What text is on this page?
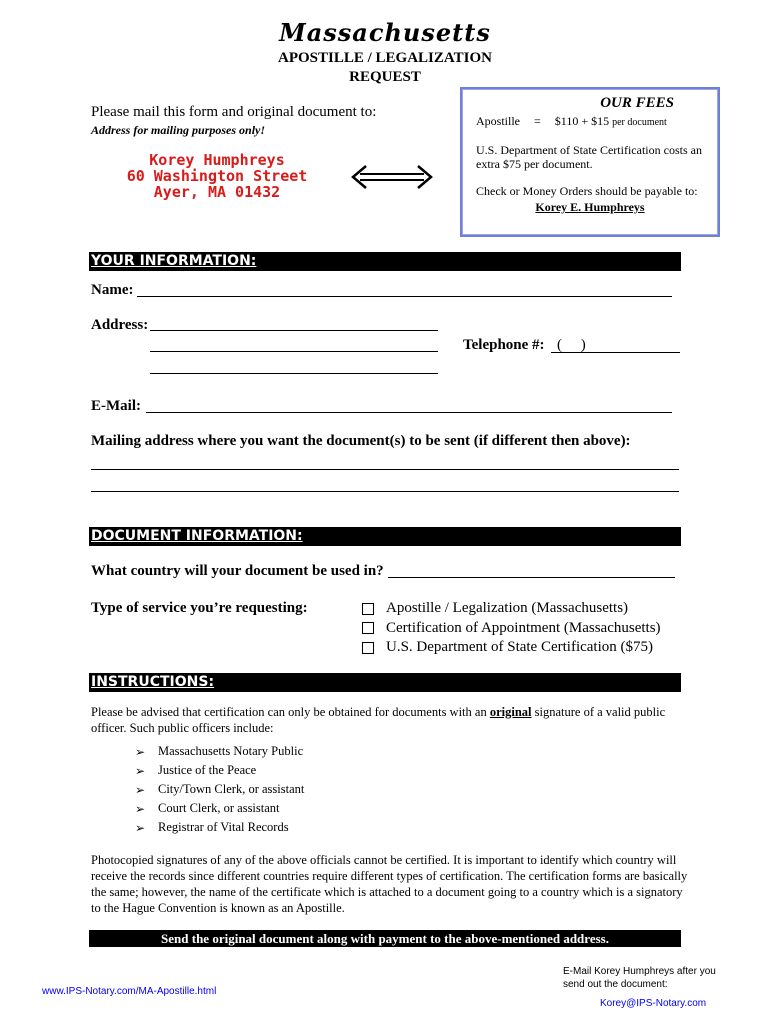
Massachusetts
APOSTILLE / LEGALIZATION
REQUEST
Please mail this form and original document to:
Address for mailing purposes only!
Korey Humphreys
60 Washington Street
Ayer, MA 01432
OUR FEES
Apostille = $110 + $15 per document
U.S. Department of State Certification costs an extra $75 per document.
Check or Money Orders should be payable to:
Korey E. Humphreys
YOUR INFORMATION:
Name:
Address:
Telephone #: (     )
E-Mail:
Mailing address where you want the document(s) to be sent (if different then above):
DOCUMENT INFORMATION:
What country will your document be used in?
Type of service you’re requesting:	Apostille / Legalization (Massachusetts)
Certification of Appointment (Massachusetts)
U.S. Department of State Certification ($75)
INSTRUCTIONS:
Please be advised that certification can only be obtained for documents with an original signature of a valid public officer. Such public officers include:
➢	Massachusetts Notary Public
➢	Justice of the Peace
➢	City/Town Clerk, or assistant
➢	Court Clerk, or assistant
➢	Registrar of Vital Records
Photocopied signatures of any of the above officials cannot be certified. It is important to identify which country will receive the records since different countries require different types of certification. The certification forms are basically the same; however, the name of the certificate which is attached to a document going to a country which is a signatory to the Hague Convention is known as an Apostille.
Send the original document along with payment to the above-mentioned address.
www.IPS-Notary.com/MA-Apostille.html
E-Mail Korey Humphreys after you send out the document:
Korey@IPS-Notary.com
